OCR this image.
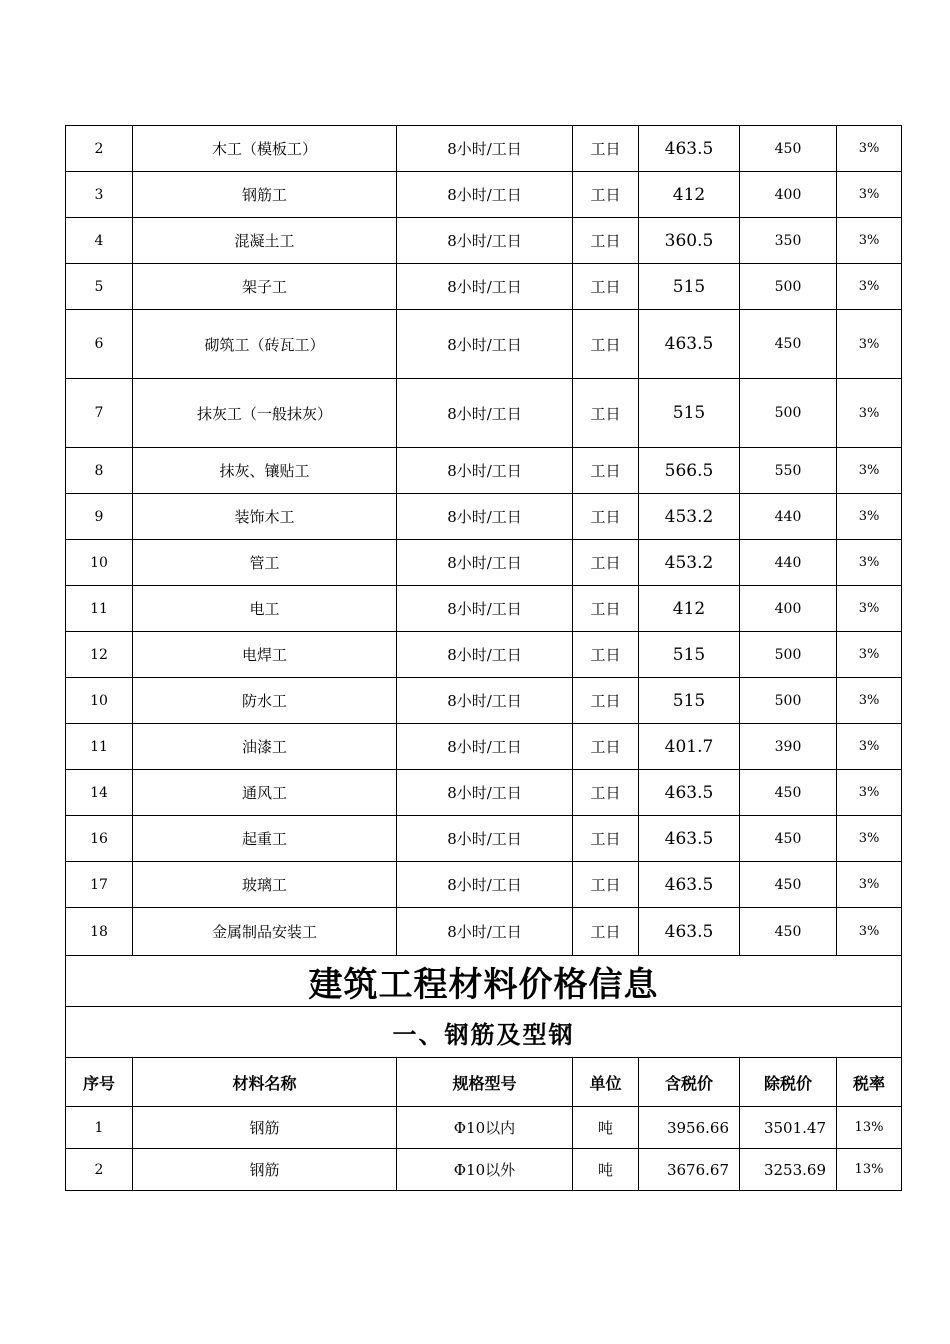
2	木工（模板工）	8小时/工日	工日	463.5	450	3%
3	钢筋工	8小时/工日	工日	412	400	3%
4	混凝土工	8小时/工日	工日	360.5	350	3%
5	架子工	8小时/工日	工日	515	500	3%
6	砌筑工（砖瓦工）	8小时/工日	工日	463.5	450	3%
7	抹灰工（一般抹灰）	8小时/工日	工日	515	500	3%
8	抹灰、镶贴工	8小时/工日	工日	566.5	550	3%
9	装饰木工	8小时/工日	工日	453.2	440	3%
10	管工	8小时/工日	工日	453.2	440	3%
11	电工	8小时/工日	工日	412	400	3%
12	电焊工	8小时/工日	工日	515	500	3%
10	防水工	8小时/工日	工日	515	500	3%
11	油漆工	8小时/工日	工日	401.7	390	3%
14	通风工	8小时/工日	工日	463.5	450	3%
16	起重工	8小时/工日	工日	463.5	450	3%
17	玻璃工	8小时/工日	工日	463.5	450	3%
18	金属制品安装工	8小时/工日	工日	463.5	450	3%
建筑工程材料价格信息						
一、钢筋及型钢						
序号	材料名称	规格型号	单位	含税价	除税价	税率
1	钢筋	Φ10以内	吨	3956.66	3501.47	13%
2	钢筋	Φ10以外	吨	3676.67	3253.69	13%
